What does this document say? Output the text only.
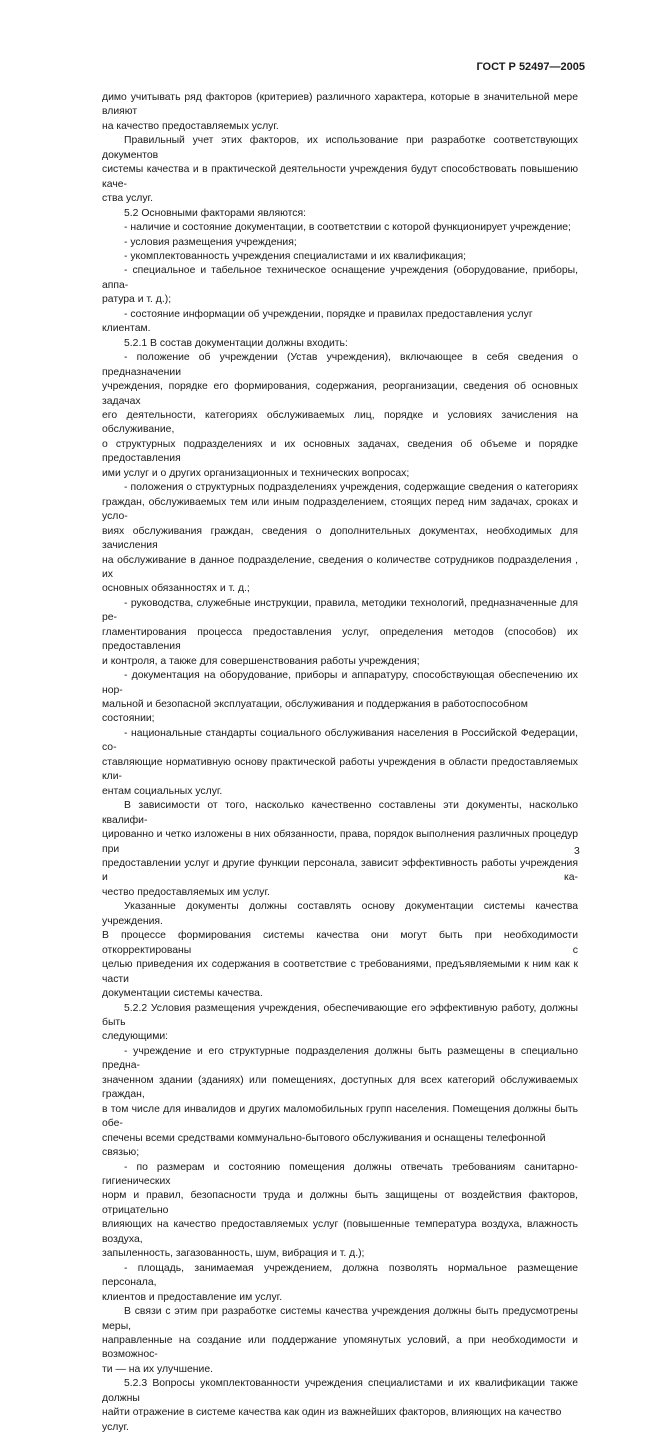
ГОСТ Р 52497—2005

димо учитывать ряд факторов (критериев) различного характера, которые в значительной мере влияют

на качество предоставляемых услуг.

Правильный учет этих факторов, их использование при разработке соответствующих документов

системы качества и в практической деятельности учреждения будут способствовать повышению каче-

ства услуг.

5.2 Основными факторами являются:

- наличие и состояние документации, в соответствии с которой функционирует учреждение;

- условия размещения учреждения;

- укомплектованность учреждения специалистами и их квалификация;

- специальное и табельное техническое оснащение учреждения (оборудование, приборы, аппа-

ратура и т. д.);

- состояние информации об учреждении, порядке и правилах предоставления услуг клиентам.

5.2.1 В состав документации должны входить:

- положение об учреждении (Устав учреждения), включающее в себя сведения о предназначении

учреждения, порядке его формирования, содержания, реорганизации, сведения об основных задачах

его деятельности, категориях обслуживаемых лиц, порядке и условиях зачисления на обслуживание,

о структурных подразделениях и их основных задачах, сведения об объеме и порядке предоставления

ими услуг и о других организационных и технических вопросах;

- положения о структурных подразделениях учреждения, содержащие сведения о категориях

граждан, обслуживаемых тем или иным подразделением, стоящих перед ним задачах, сроках и усло-

виях обслуживания граждан, сведения о дополнительных документах, необходимых для зачисления

на обслуживание в данное подразделение, сведения о количестве сотрудников подразделения , их

основных обязанностях и т. д.;

- руководства, служебные инструкции, правила, методики технологий, предназначенные для ре-

гламентирования процесса предоставления услуг, определения методов (способов) их предоставления

и контроля, а также для совершенствования работы учреждения;

- документация на оборудование, приборы и аппаратуру, способствующая обеспечению их нор-

мальной и безопасной эксплуатации, обслуживания и поддержания в работоспособном состоянии;

- национальные стандарты социального обслуживания населения в Российской Федерации, со-

ставляющие нормативную основу практической работы учреждения в области предоставляемых кли-

ентам социальных услуг.

В зависимости от того, насколько качественно составлены эти документы, насколько квалифи-

цированно и четко изложены в них обязанности, права, порядок выполнения различных процедур при

предоставлении услуг и другие функции персонала, зависит эффективность работы учреждения и ка-

чество предоставляемых им услуг.

Указанные документы должны составлять основу документации системы качества учреждения.

В процессе формирования системы качества они могут быть при необходимости откорректированы с

целью приведения их содержания в соответствие с требованиями, предъявляемыми к ним как к части

документации системы качества.

5.2.2 Условия размещения учреждения, обеспечивающие его эффективную работу, должны быть

следующими:

- учреждение и его структурные подразделения должны быть размещены в специально предна-

значенном здании (зданиях) или помещениях, доступных для всех категорий обслуживаемых граждан,

в том числе для инвалидов и других маломобильных групп населения. Помещения должны быть обе-

спечены всеми средствами коммунально-бытового обслуживания и оснащены телефонной связью;

- по размерам и состоянию помещения должны отвечать требованиям санитарно-гигиенических

норм и правил, безопасности труда и должны быть защищены от воздействия факторов, отрицательно

влияющих на качество предоставляемых услуг (повышенные температура воздуха, влажность воздуха,

запыленность, загазованность, шум, вибрация и т. д.);

- площадь, занимаемая учреждением, должна позволять нормальное размещение персонала,

клиентов и предоставление им услуг.

В связи с этим при разработке системы качества учреждения должны быть предусмотрены меры,

направленные на создание или поддержание упомянутых условий, а при необходимости и возможнос-

ти — на их улучшение.

5.2.3 Вопросы укомплектованности учреждения специалистами и их квалификации также должны

найти отражение в системе качества как один из важнейших факторов, влияющих на качество услуг.

3
